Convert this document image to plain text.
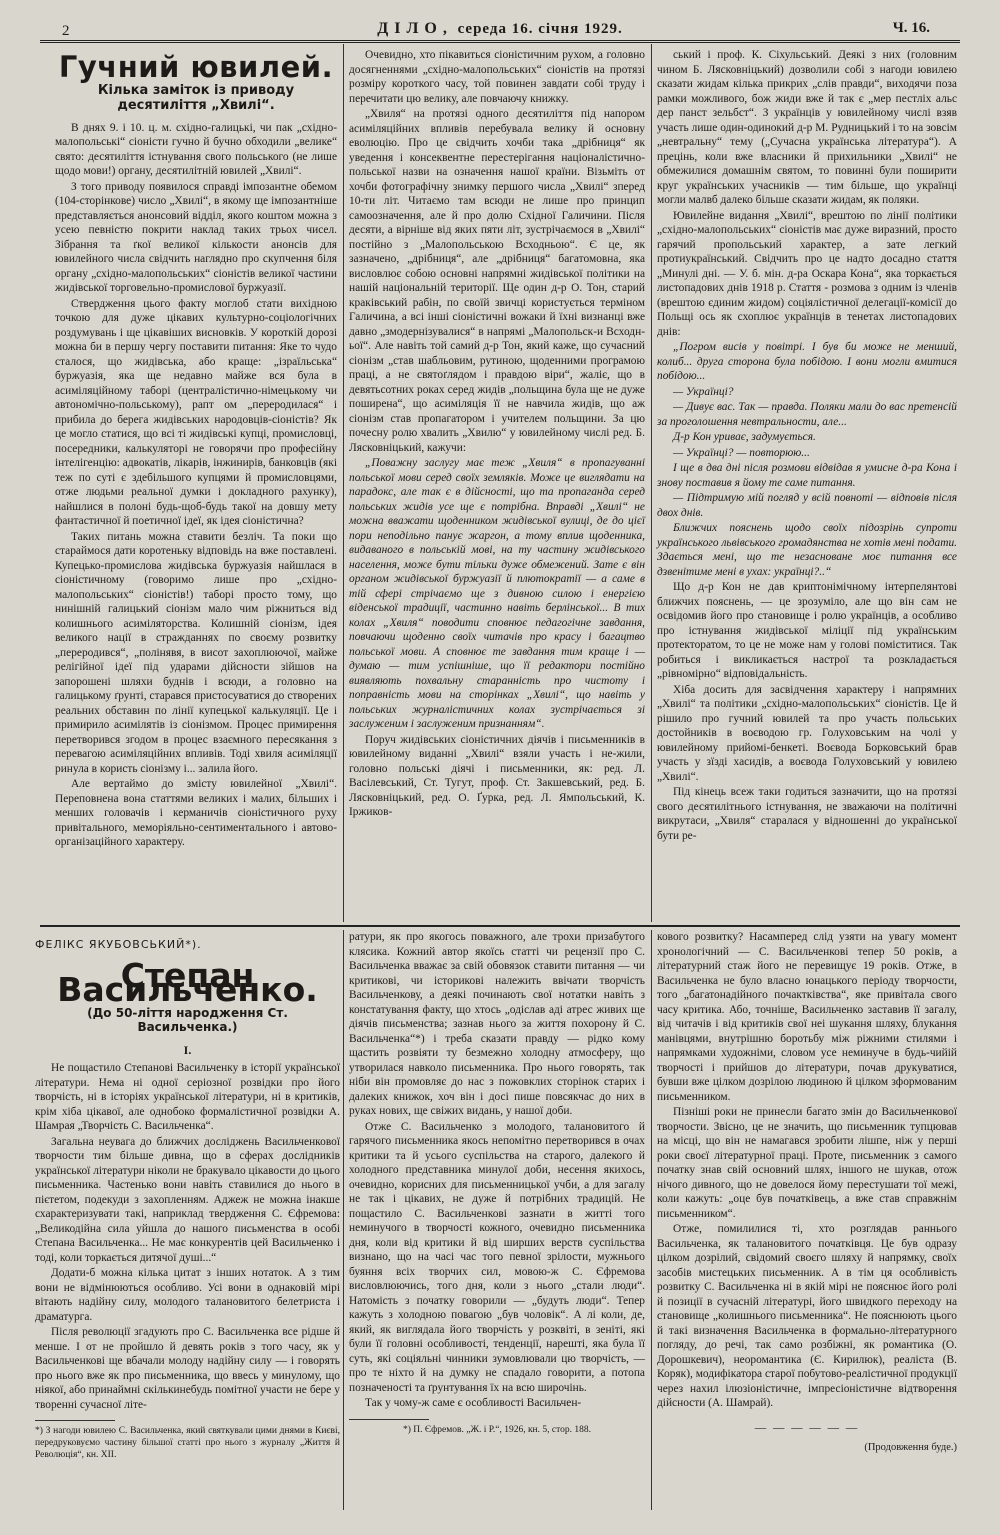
2	ДІЛО, середа 16. січня 1929.	Ч. 16.
Гучний ювилей.
Кілька заміток із приводу десятиліття „Хвилі“.

В днях 9. і 10. ц. м. східно-галицькі, чи пак „східно-малопольські“ сіоністи гучно й бучно обходили „велике“ свято: десятиліття істнування свого польського (не лише щодо мови!) органу, десятилітній ювилей „Хвилі“.

З того приводу появилося справді імпозантне обемом (104-сторінкове) число „Хвилі“, в якому ще імпозантніше представляється анонсовий відділ, якого коштом можна з усею певністю покрити наклад таких трьох чисел. Зібрання та ґкої великої кількости анонсів для ювилейного числа свідчить наглядно про скупчення біля органу „східно-малопольських“ сіоністів великої частини жидівської торговельно-промислової буржуазії.

Ствердження цього факту моглоб стати вихідною точкою для дуже цікавих культурно-соціологічних роздумувань і ще цікавіших висновків. У короткій дорозі можна би в першу чергу поставити питання: Яке то чудо сталося, що жидівська, або краще: „ізраїльська“ буржуазія, яка ще недавно майже вся була в асиміляційному таборі (централістично-німецькому чи автономічно-польському), рапт ом „переродилася“ і прибила до берега жидівських народовців-сіоністів? Як це могло статися, що всі ті жидівські купці, промисловці, посередники, калькуляторі не говорячи про професійну інтелігенцію: адвокатів, лікарів, інжинирів, банковців (які теж по суті є здебільшого купцями й промисловцями, отже людьми реальної думки і докладного рахунку), найшлися в полоні будь-щоб-будь такої на довшу мету фантастичної й поетичної ідеї, як ідея сіоністична?

Таких питань можна ставити безліч. Та поки що стараймося дати коротеньку відповідь на вже поставлені. Купецько-промислова жидівська буржуазія найшлася в сіоністичному (говоримо лише про „східно-малопольських“ сіоністів!) таборі просто тому, що нинішній галицький сіонізм мало чим ріжниться від колишнього асиміляторства. Колишній сіонізм, ідея великого нації в стражданнях по своєму розвитку „переродився“, „полінявя, в висот захоплюючої, майже релігійної ідеї під ударами дійсности зійшов на запорошені шляхи буднів і всюди, а головно на галицькому ґрунті, старався пристосуватися до створених реальних обставин по лінії купецької калькуляції. Це і примирило асимілятів із сіонізмом. Процес примирення перетворився згодом в процес взаємного пересякання з перевагою асиміляційних впливів. Тоді хвиля асиміляції ринула в користь сіонізму і... залила його.

Але вертаймо до змісту ювилейної „Хвилі“. Переповнена вона статтями великих і малих, більших і менших головачів і керманичів сіоністичного руху привітального, меморіяльно-сентиментального і автово-організаційного характеру.

Очевидно, хто пікавиться сіоністичним рухом, а головно досягненнями „східно-малопольських“ сіоністів на протязі розміру короткого часу, той повинен завдати собі труду і перечитати цю велику, але повчаючу книжку.

„Хвиля“ на протязі одного десятиліття під напором асиміляційних впливів перебувала велику й основну еволюцію. Про це свідчить хочби така „дрібниця“ як уведення і консеквентне перестерігання націоналістично-польської назви на означення нашої країни. Візьміть от хочби фотографічну знимку першого числа „Хвилі“ зперед 10-ти літ. Читаємо там всюди не лише про принцип самоозначення, але й про долю Східної Галичини. Після десяти, а вірніше від яких пяти літ, зустрічаємося в „Хвилі“ постійно з „Малопольською Всходньою“. Є це, як зазначено, „дрібниця“, але „дрібниця“ багатомовна, яка висловлює собою основні напрямні жидівської політики на нашій національній території. Ще один д-р О. Тон, старий краківський рабін, по своїй звичці користується терміном Галичина, а всі інші сіоністичні вожаки й їхні визнанці вже давно „змодернізувалися“ в напрямі „Малопольск-и Всходн-ьої“. Але навіть той самий д-р Тон, який каже, що сучасний сіонізм „став шабльовим, рутиною, щоденними програмою праці, а не святоґлядом і правдою віри“, жаліє, що в девятьсотних роках серед жидів „польщина була ще не дуже поширена“, що асиміляція її не навчила жидів, що аж сіонізм став пропагатором і учителем польщини. За цю почесну ролю хвалить „Хвилю“ у ювилейному числі ред. Б. Лясковніцький, кажучи:

„Поважну заслугу має теж „Хвиля“ в пропагуванні польської мови серед своїх земляків. Може це виглядати на парадокс, але так є в дійсності, що та пропаганда серед польських жидів усе ще є потрібна. Вправді „Хвилі“ не можна вважати щоденником жидівської вулиці, де до цієї пори неподільно панує жаргон, а тому вплив щоденника, видаваного в польській мові, на ту частину жидівського населення, може бути тільки дуже обмежений. Зате є він органом жидівської буржуазії й плютократії — а саме в тій сфері стрічаємо ще з дивною силою і енергією віденської традиції, частинно навіть берлінської... В тих колах „Хвиля“ поводити сповнює педагогічне завдання, повчаючи щоденно своїх читачів про красу і багацтво польської мови. А сповнює те завдання тим краще і — думаю — тим успішніше, що її редактори постійно виявляють похвальну старанність про чистоту і поправність мови на сторінках „Хвилі“, що навіть у польських журналістичних колах зустрічається зі заслуженим і заслуженим признанням“.

Поруч жидівських сіоністичних діячів і письменників в ювилейному виданні „Хвилі“ взяли участь і не-жили, головно польські діячі і письменники, як: ред. Л. Васілевський, Ст. Тугут, проф. Ст. Закшевський, ред. Б. Лясковніцький, ред. О. Ґурка, ред. Л. Ямпольський, К. Іржиков-

ський і проф. К. Сіхульський. Деякі з них (головним чином Б. Лясковніцький) дозволили собі з нагоди ювилею сказати жидам кілька прикрих „слів правди“, виходячи поза рамки можливого, бож жиди вже й так є „мер пестліх альс дер панст зельбст“. З українців у ювилейному числі взяв участь лише один-одинокий д-р М. Рудницький і то на зовсім „невтральну“ тему („Сучасна українська література“). А прецінь, коли вже власники й прихильники „Хвилі“ не обмежилися домашнім святом, то повинні були поширити круг українських учасників — тим більше, що українці могли малвб далеко більше сказати жидам, як поляки.

Ювилейне видання „Хвилі“, врештою по лінії політики „східно-малопольських“ сіоністів має дуже виразний, просто гарячий пропольський характер, а зате легкий протиукраїнський. Свідчить про це надто досадно стаття „Минулі дні. — У. б. мін. д-ра Оскара Кона“, яка торкається листопадових днів 1918 р. Стаття - розмова з одним із членів (врештою єдиним жидом) соціялістичної делегації-комісії до Польщі ось як схоплює українців в тенетах листопадових днів:

„Погром висів у повітрі. І був би може не менший, колиб... друга сторона була побідою. І вони могли вмитися побідою...

— Українці?

— Дивує вас. Так — правда. Поляки мали до вас претенсій за проголошення невтральности, але...

Д-р Кон уриває, задумується.

— Українці? — повторюю...

І ще в два дні після розмови відвідав я умисне д-ра Кона і знову поставив я йому те саме питання.

— Підтримую мій погляд у всій повноті — відповів після двох днів.

Ближчих пояснень щодо своїх підозрінь супроти українського львівського громадянства не хотів мені подати. Здається мені, що те незасноване моє питання все дзвенітиме мені в ухах: українці?..“

Що д-р Кон не дав криптонімічному інтерпелянтові ближчих пояснень, — це зрозуміло, але що він сам не освідомив його про становище і ролю українців, а особливо про істнування жидівської міліції під українським протекторатом, то це не може нам у голові поміститися. Так робиться і викликається настрої та розкладається „рівномірно“ відповідальність.

Хіба досить для засвідчення характеру і напрямних „Хвилі“ та політики „східно-малопольських“ сіоністів. Це й рішило про гучний ювилей та про участь польських достойників в воєводою гр. Голуховським на чолі у ювилейному прийомі-бенкеті. Воєвода Борковський брав участь у зїзді хасидів, а воєвода Голуховський у ювилею „Хвилі“.

Під кінець всеж таки годиться зазначити, що на протязі свого десятилітнього істнування, не зважаючи на політичні викрутаси, „Хвиля“ старалася у відношенні до української бути ре-

ФЕЛІКС ЯКУБОВСЬКИЙ*).
Степан Васильченко.
(До 50-ліття народження Ст. Васильченка.)
I.

Не пощастило Степанові Васильченку в історії української літератури. Нема ні одної серіозної розвідки про його творчість, ні в історіях української літератури, ні в критиків, крім хіба цікавої, але однобоко формалістичної розвідки А. Шамрая „Творчість С. Васильченка“.

Загальна неувага до ближчих досліджень Васильченкової творчости тим більше дивна, що в сферах дослідників української літератури ніколи не бракувало цікавости до цього письменника. Частенько вони навіть ставилися до нього в пієтетом, подекуди з захопленням. Аджеж не можна інакше схарактеризувати такі, наприклад твердження С. Єфремова: „Великодійна сила уйшла до нашого письменства в особі Степана Васильченка... Не має конкурентів цей Васильченко і тоді, коли торкається дитячої душі...“

Додати-б можна кілька цитат з інших нотаток. А з тим вони не відмінюються особливо. Усі вони в однаковій мірі вітають надійну силу, молодого талановитого белетриста і драматурга.

Після революції згадують про С. Васильченка все рідше й менше. І от не пройшло й девять років з того часу, як у Васильченкові ще вбачали молоду надійну силу — і говорять про нього вже як про письменника, що ввесь у минулому, що ніякої, або принаймні скількинебудь помітної участи не бере у творенні сучасної літе-

*) З нагоди ювилею С. Васильченка, який святкували цими днями в Києві, передруковуємо частину більшої статті про нього з журналу „Життя й Революція“, кн. XII.

ратури, як про якогось поважного, але трохи призабутого клясика. Кожний автор якоїсь статті чи рецензії про С. Васильченка вважає за свій обовязок ставити питання — чи критиковi, чи історикові належить ввічати творчість Васильченкову, а деякі починають свої нотатки навіть з констатування факту, що хтось „одіслав аді атрес живих ще діячів письменства; зазнав нього за життя похорону й С. Васильченка“*) і треба сказати правду — рідко кому щастить розвіяти ту безмежно холодну атмосферу, що утворилася навколо письменника. Про нього говорять, так ніби він промовляє до нас з пожовклих сторінок старих і далеких книжок, хоч він і досі пише повсякчас до них в руках нових, ще свіжих видань, у нашої доби.

Отже С. Васильченко з молодого, талановитого й гарячого письменника якось непомітно перетворився в очах критики та й усього суспільства на старого, далекого й холодного представника минулої доби, несення якихось, очевидно, корисних для письменницької учби, а для загалу не так і цікавих, не дуже й потрібних традицій. Не пощастило С. Васильченкові зазнати в житті того неминучого в творчості кожного, очевидно письменника дня, коли від критики й від ширших верств суспільства визнано, що на часі час того певної зрілости, мужнього буяння всіх творчих сил, мовою-ж С. Єфремова висловлюючись, того дня, коли з нього „стали люди“. Натомість з початку говорили — „будуть люди“. Тепер кажуть з холодною повагою „був чоловік“. А лі коли, де, який, як виглядала його творчість у розквіті, в зеніті, які були її головні особливості, тенденції, нарешті, яка була її суть, які соціяльні чинники зумовлювали цю творчість, — про те ніхто й на думку не спадало говорити, а потопа позначеності та ґрунтування їх на всю широчінь.

Так у чому-ж саме є особливості Васильчен-

*) П. Єфремов. „Ж. і Р.“, 1926, кн. 5, стор. 188.

кового розвитку? Насамперед слід узяти на увагу момент хронологічний — С. Васильченкові тепер 50 років, а літературний стаж його не перевищує 19 років. Отже, в Васильченка не було власно юнацького періоду творчости, того „багатонадійного почактківства“, яке привітала свого часу критика. Або, точніше, Васильченко заставив її загалу, від читачів і від критиків свої неі шукання шляху, блукання манівцями, внутрішню боротьбу між ріжними стилями і напрямками художніми, словом усе неминуче в будь-чийій творчості і прийшов до літератури, почав друкуватися, бувши вже цілком дозрілою людиною й цілком зформованим письменником.

Пізніші роки не принесли багато змін до Васильченкової творчости. Звісно, це не значить, що письменник тупцював на місці, що він не намагався зробити лішпе, ніж у перші роки своєї літературної праці. Проте, письменник з самого початку знав свій основний шлях, іншого не шукав, отож нічого дивного, що не довелося йому перестушати тої межі, коли кажуть: „оце був початківець, а вже став справжнім письменником“.

Отже, помилилися ті, хто розглядав раннього Васильченка, як талановитого початківця. Це був одразу цілком дозрілий, свідомий своєго шляху й напрямку, своїх засобів мистецьких письменник. А в тім ця особливість розвитку С. Васильченка ні в якій мірі не пояснює його ролі й позиції в сучасній літературі, його швидкого переходу на становище „колишнього письменника“. Не пояснюють цього й такі визначення Васильченка в формально-літературного погляду, до речі, так само розбіжні, як романтика (О. Дорошкевич), неоромантика (Є. Кирилюк), реаліста (В. Коряк), модифікатора старої побутово-реалістичної продукції через нахил ілюзіоністичне, імпресіоністичне відтворення дійсности (А. Шамрай).

— — — — — —
(Продовження буде.)
